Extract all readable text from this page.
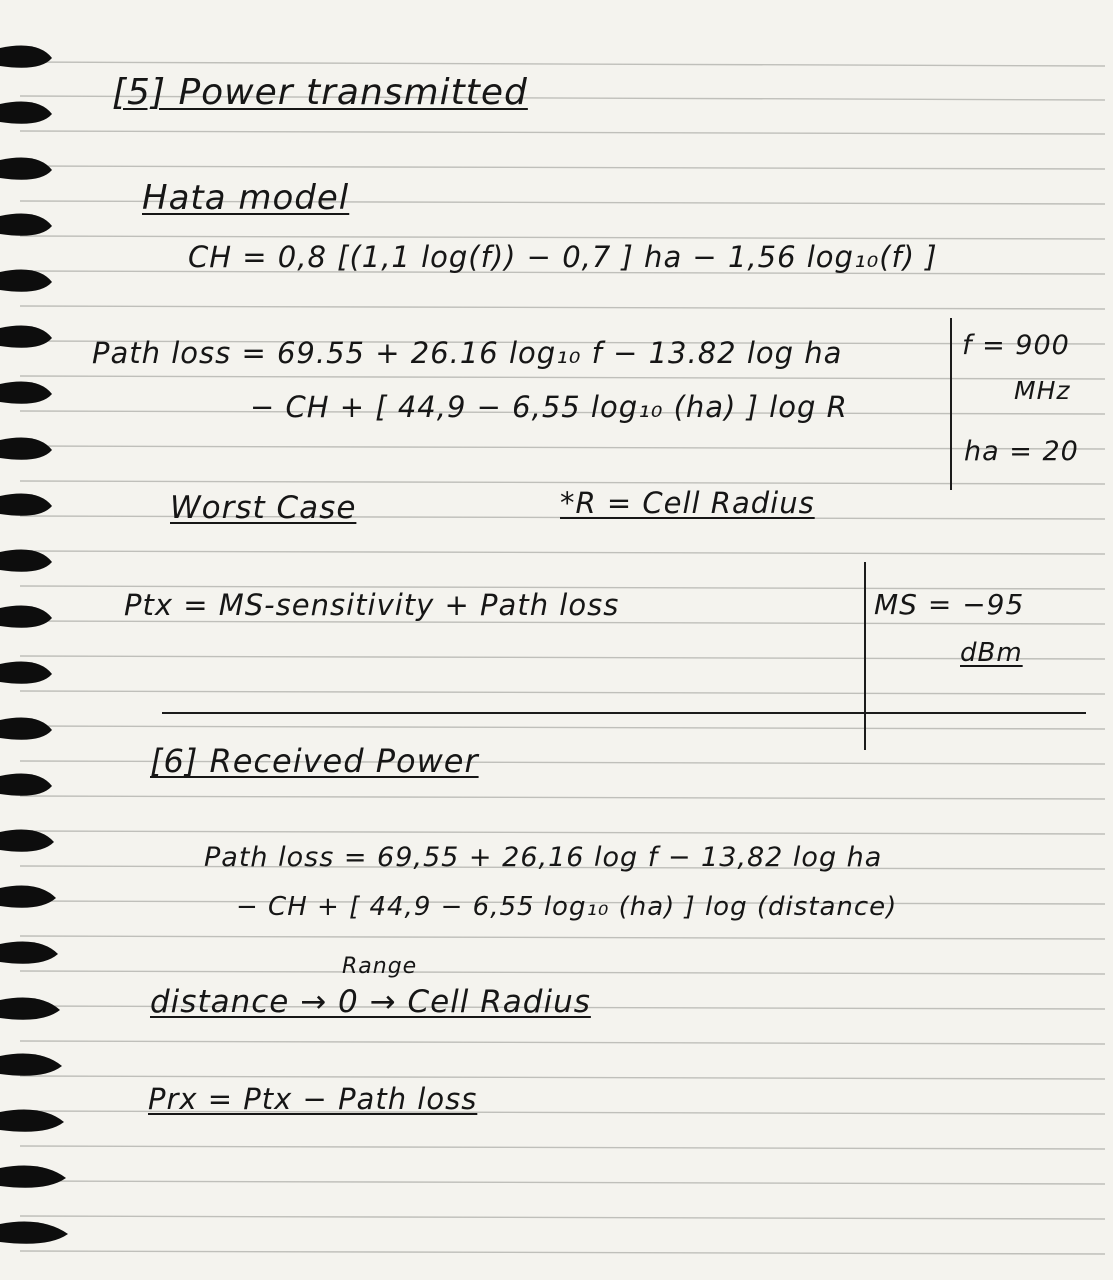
[5] Power transmitted
Hata model
CH = 0,8 [(1,1 log(f)) − 0,7 ] ha − 1,56 log₁₀(f) ]
Path loss = 69.55 + 26.16 log₁₀ f − 13.82 log ha
− CH + [ 44,9 − 6,55 log₁₀ (ha) ] log R
f = 900
MHz
ha = 20
Worst Case	*R = Cell Radius
Ptx = MS-sensitivity + Path loss	MS = −95
dBm
[6] Received Power
Path loss = 69,55 + 26,16 log f − 13,82 log ha
− CH + [ 44,9 − 6,55 log₁₀ (ha) ] log (distance)
Range
distance → 0 → Cell Radius
Prx = Ptx − Path loss
